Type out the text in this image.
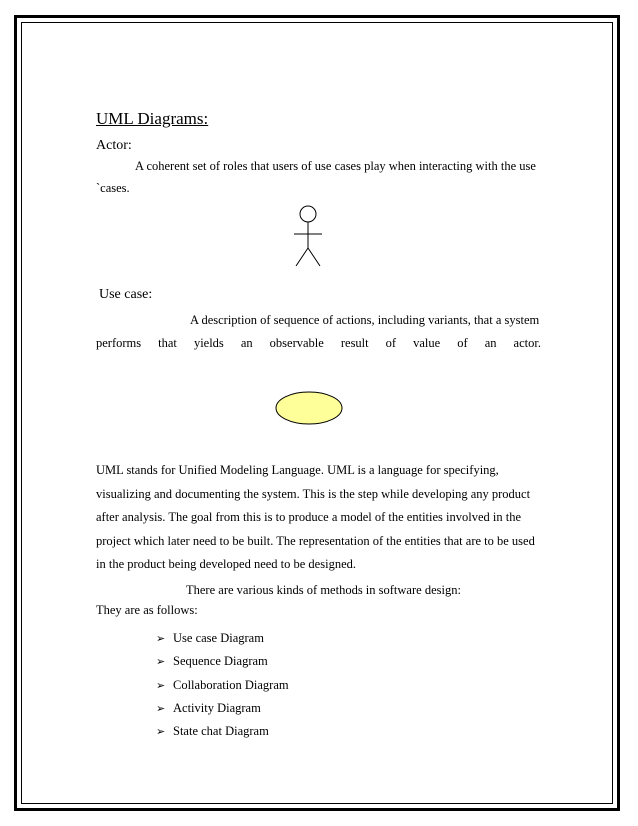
UML Diagrams:
Actor:
A coherent set of roles that users of use cases play when interacting with the use
`cases.
Use case:
A description of sequence of actions, including variants, that a system
performs that yields an observable result of value of an actor.
UML stands for Unified Modeling Language. UML is a language for specifying,
visualizing and documenting the system. This is the step while developing any product
after analysis. The goal from this is to produce a model of the entities involved in the
project which later need to be built. The representation of the entities that are to be used
in the product being developed need to be designed.
There are various kinds of methods in software design:
They are as follows:
➢ Use case Diagram
➢ Sequence Diagram
➢ Collaboration Diagram
➢ Activity Diagram
➢ State chat Diagram
